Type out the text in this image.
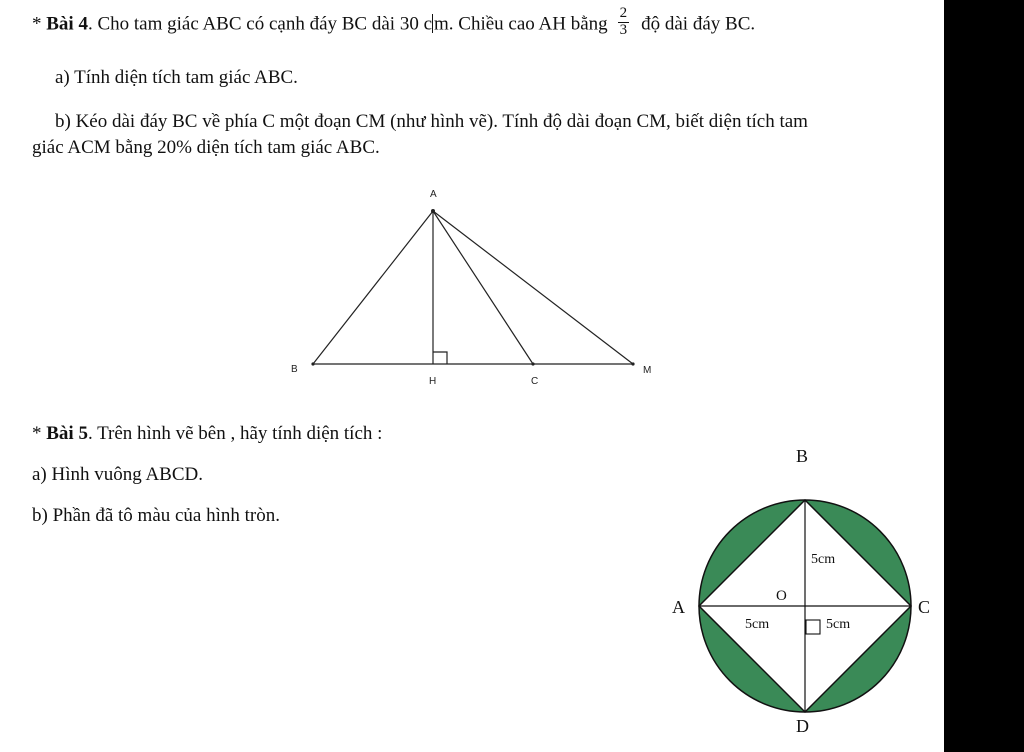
* Bài 4. Cho tam giác ABC có cạnh đáy BC dài 30 c m. Chiều cao AH bằng $\frac{2}{3}$ độ dài đáy BC.
a) Tính diện tích tam giác ABC.
b) Kéo dài đáy BC về phía C một đoạn CM (như hình vẽ). Tính độ dài đoạn CM, biết diện tích tam
giác ACM bằng 20% diện tích tam giác ABC.
A
B
H	C
M
* Bài 5. Trên hình vẽ bên , hãy tính diện tích :
a) Hình vuông ABCD.
b) Phần đã tô màu của hình tròn.
B
A	C
D
O
5cm
5cm	5cm
